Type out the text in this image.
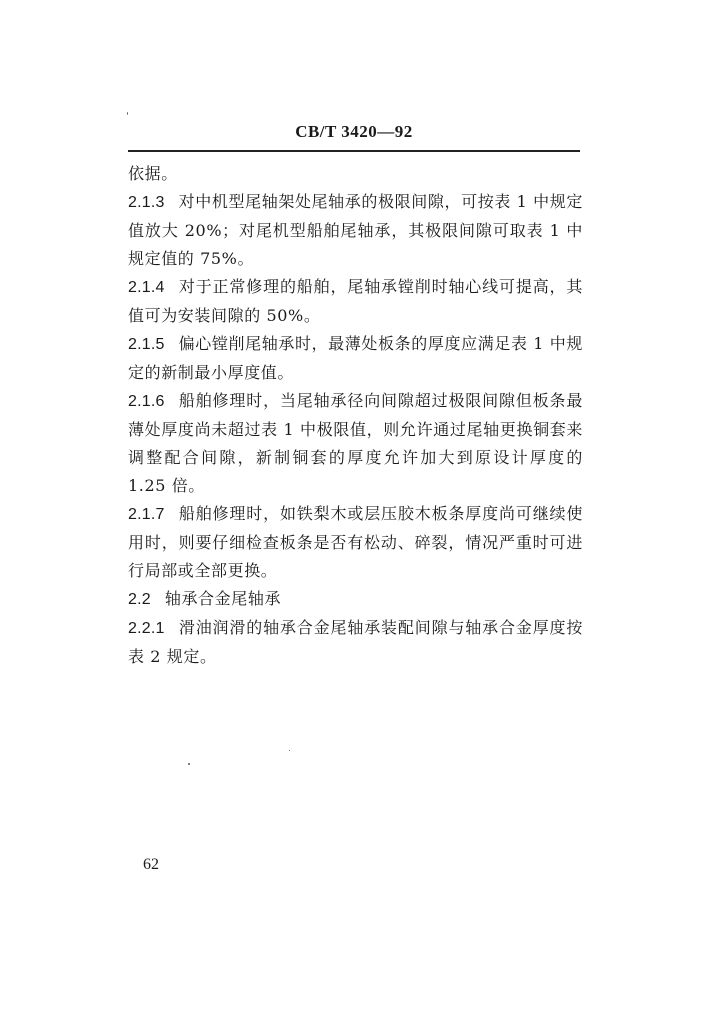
CB/T 3420—92

依据。

2.1.3 对中机型尾轴架处尾轴承的极限间隙，可按表 1 中规定值放大 20%；对尾机型船舶尾轴承，其极限间隙可取表 1 中规定值的 75%。

2.1.4 对于正常修理的船舶，尾轴承镗削时轴心线可提高，其值可为安装间隙的 50%。

2.1.5 偏心镗削尾轴承时，最薄处板条的厚度应满足表 1 中规定的新制最小厚度值。

2.1.6 船舶修理时，当尾轴承径向间隙超过极限间隙但板条最薄处厚度尚未超过表 1 中极限值，则允许通过尾轴更换铜套来调整配合间隙，新制铜套的厚度允许加大到原设计厚度的 1.25 倍。

2.1.7 船舶修理时，如铁梨木或层压胶木板条厚度尚可继续使用时，则要仔细检查板条是否有松动、碎裂，情况严重时可进行局部或全部更换。

2.2 轴承合金尾轴承

2.2.1 滑油润滑的轴承合金尾轴承装配间隙与轴承合金厚度按表 2 规定。

62
